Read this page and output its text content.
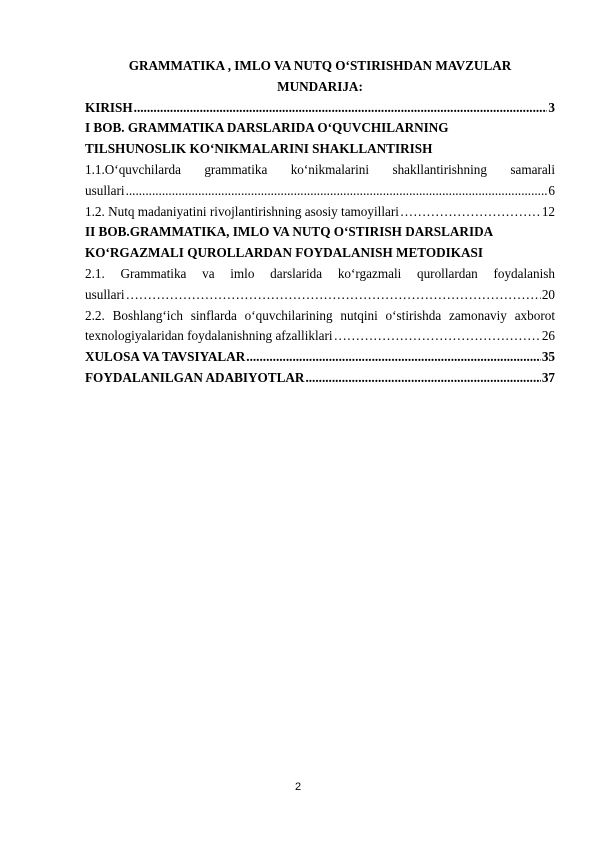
GRAMMATIKA , IMLO VA NUTQ O‘STIRISHDAN MAVZULAR

MUNDARIJA:

KIRISH .....	3
I BOB. GRAMMATIKA DARSLARIDA O‘QUVCHILARNING
TILSHUNOSLIK KO‘NIKMALARINI SHAKLLANTIRISH
1.1.O‘quvchilarda grammatika ko‘nikmalarini shakllantirishning samarali
usullari .....	6
1.2. Nutq madaniyatini rivojlantirishning asosiy tamoyillari …………………………………………………………………………………………………………………………………………………………………………	12
II BOB.GRAMMATIKA, IMLO VA NUTQ O‘STIRISH DARSLARIDA
KO‘RGAZMALI QUROLLARDAN FOYDALANISH METODIKASI
2.1. Grammatika va imlo darslarida ko‘rgazmali qurollardan foydalanish
usullari …………………………………………………………………………………………………………………………………………………………………………	20
2.2. Boshlang‘ich sinflarda o‘quvchilarining nutqini o‘stirishda zamonaviy axborot
texnologiyalaridan foydalanishning afzalliklari …………………………………………………………………………………………………………………………………………………………………………	26
XULOSA VA TAVSIYALAR .....	35
FOYDALANILGAN ADABIYOTLAR .....	37
2
